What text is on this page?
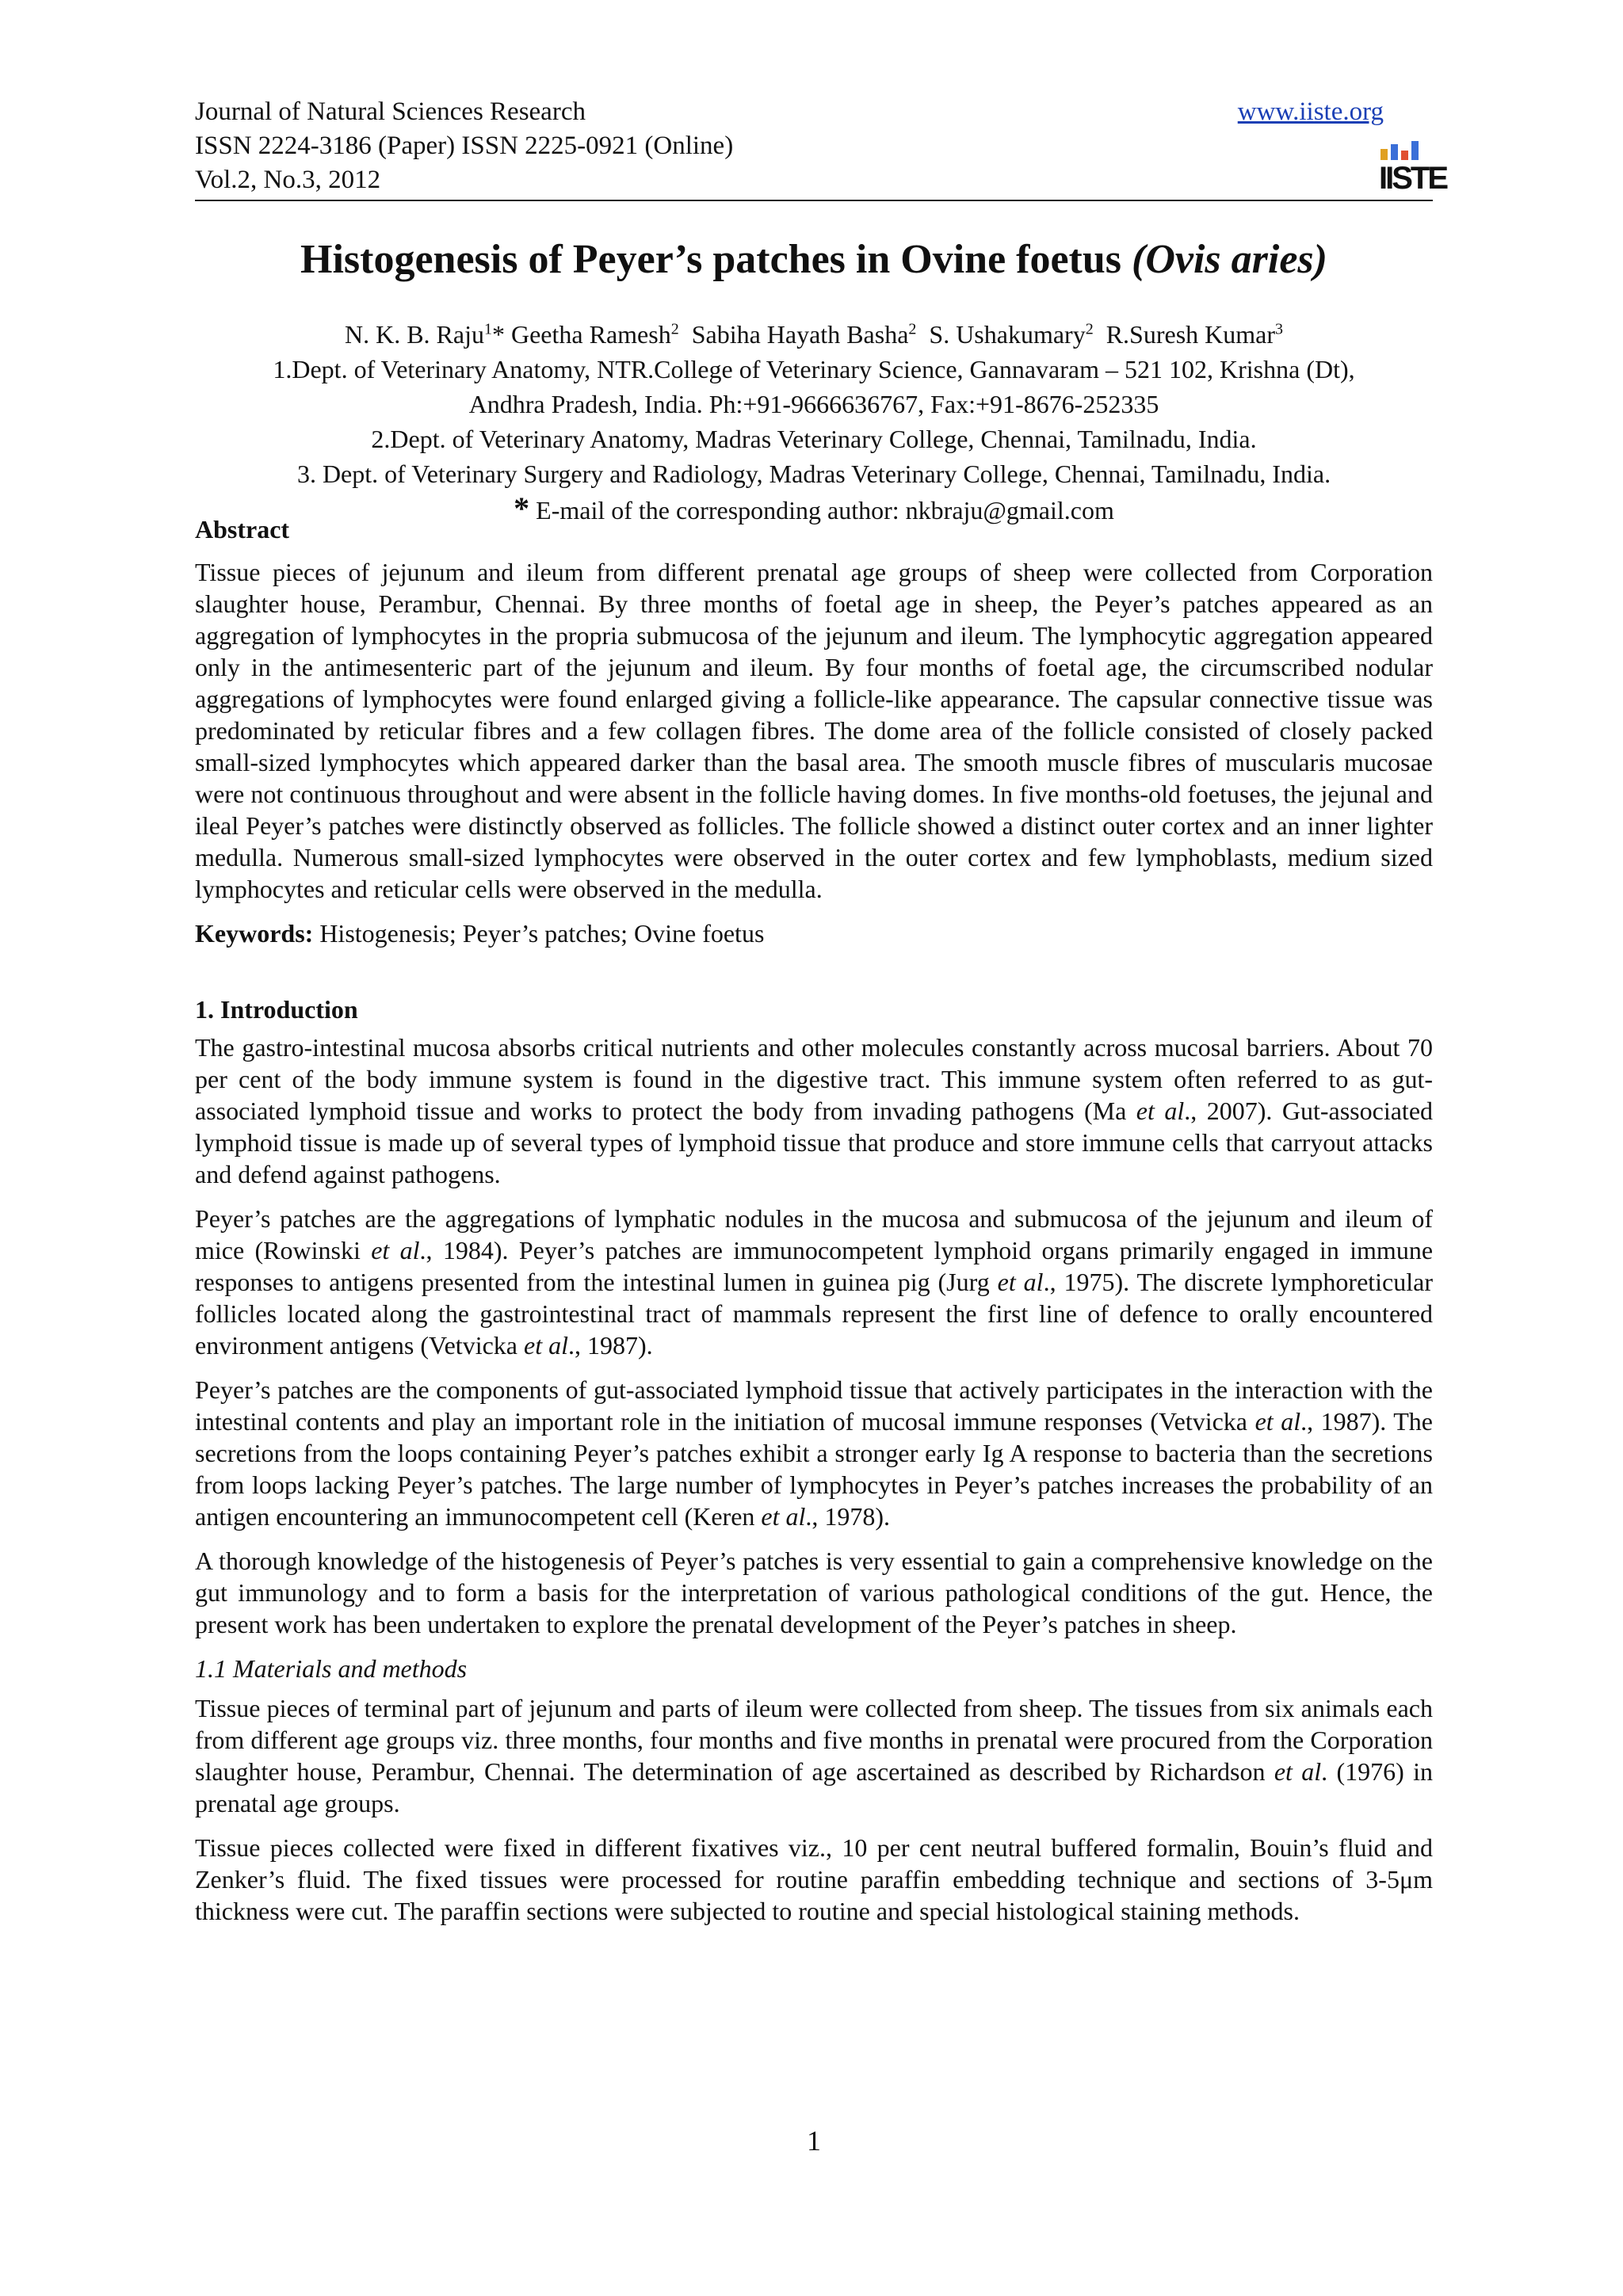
Journal of Natural Sciences Research
ISSN 2224-3186 (Paper) ISSN 2225-0921 (Online)
Vol.2, No.3, 2012
www.iiste.org
IISTE
Histogenesis of Peyer’s patches in Ovine foetus (Ovis aries)
N. K. B. Raju$^1$* Geetha Ramesh$^2$ Sabiha Hayath Basha$^2$ S. Ushakumary$^2$ R.Suresh Kumar$^3$
1.Dept. of Veterinary Anatomy, NTR.College of Veterinary Science, Gannavaram – 521 102, Krishna (Dt),
Andhra Pradesh, India. Ph:+91-9666636767, Fax:+91-8676-252335
2.Dept. of Veterinary Anatomy, Madras Veterinary College, Chennai, Tamilnadu, India.
3. Dept. of Veterinary Surgery and Radiology, Madras Veterinary College, Chennai, Tamilnadu, India.
* E-mail of the corresponding author: nkbraju@gmail.com
Abstract

Tissue pieces of jejunum and ileum from different prenatal age groups of sheep were collected from Corporation slaughter house, Perambur, Chennai. By three months of foetal age in sheep, the Peyer’s patches appeared as an aggregation of lymphocytes in the propria submucosa of the jejunum and ileum. The lymphocytic aggregation appeared only in the antimesenteric part of the jejunum and ileum. By four months of foetal age, the circumscribed nodular aggregations of lymphocytes were found enlarged giving a follicle-like appearance. The capsular connective tissue was predominated by reticular fibres and a few collagen fibres. The dome area of the follicle consisted of closely packed small-sized lymphocytes which appeared darker than the basal area. The smooth muscle fibres of muscularis mucosae were not continuous throughout and were absent in the follicle having domes. In five months-old foetuses, the jejunal and ileal Peyer’s patches were distinctly observed as follicles. The follicle showed a distinct outer cortex and an inner lighter medulla. Numerous small-sized lymphocytes were observed in the outer cortex and few lymphoblasts, medium sized lymphocytes and reticular cells were observed in the medulla.

Keywords: Histogenesis; Peyer’s patches; Ovine foetus

1. Introduction

The gastro-intestinal mucosa absorbs critical nutrients and other molecules constantly across mucosal barriers. About 70 per cent of the body immune system is found in the digestive tract. This immune system often referred to as gut-associated lymphoid tissue and works to protect the body from invading pathogens (Ma et al., 2007). Gut-associated lymphoid tissue is made up of several types of lymphoid tissue that produce and store immune cells that carryout attacks and defend against pathogens.

Peyer’s patches are the aggregations of lymphatic nodules in the mucosa and submucosa of the jejunum and ileum of mice (Rowinski et al., 1984). Peyer’s patches are immunocompetent lymphoid organs primarily engaged in immune responses to antigens presented from the intestinal lumen in guinea pig (Jurg et al., 1975). The discrete lymphoreticular follicles located along the gastrointestinal tract of mammals represent the first line of defence to orally encountered environment antigens (Vetvicka et al., 1987).

Peyer’s patches are the components of gut-associated lymphoid tissue that actively participates in the interaction with the intestinal contents and play an important role in the initiation of mucosal immune responses (Vetvicka et al., 1987). The secretions from the loops containing Peyer’s patches exhibit a stronger early Ig A response to bacteria than the secretions from loops lacking Peyer’s patches. The large number of lymphocytes in Peyer’s patches increases the probability of an antigen encountering an immunocompetent cell (Keren et al., 1978).

A thorough knowledge of the histogenesis of Peyer’s patches is very essential to gain a comprehensive knowledge on the gut immunology and to form a basis for the interpretation of various pathological conditions of the gut. Hence, the present work has been undertaken to explore the prenatal development of the Peyer’s patches in sheep.

1.1 Materials and methods

Tissue pieces of terminal part of jejunum and parts of ileum were collected from sheep. The tissues from six animals each from different age groups viz. three months, four months and five months in prenatal were procured from the Corporation slaughter house, Perambur, Chennai. The determination of age ascertained as described by Richardson et al. (1976) in prenatal age groups.

Tissue pieces collected were fixed in different fixatives viz., 10 per cent neutral buffered formalin, Bouin’s fluid and Zenker’s fluid. The fixed tissues were processed for routine paraffin embedding technique and sections of 3-5μm thickness were cut. The paraffin sections were subjected to routine and special histological staining methods.

1
